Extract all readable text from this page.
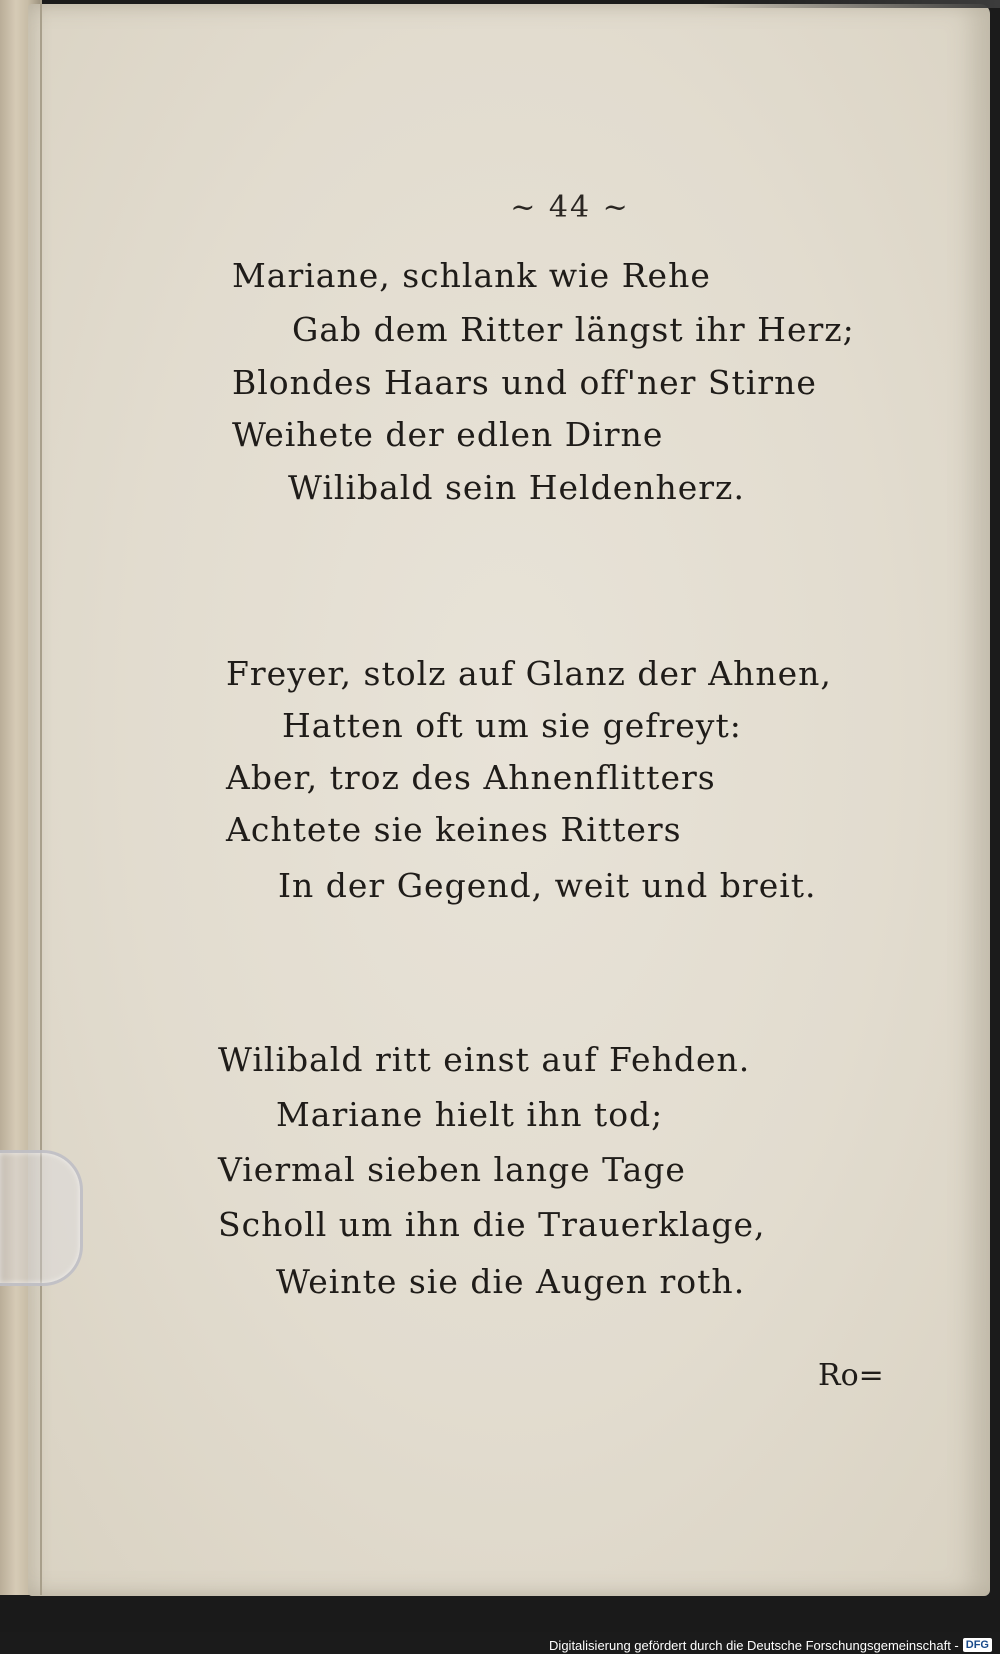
~ 44 ~
Mariane, schlank wie Rehe
Gab dem Ritter längst ihr Herz;
Blondes Haars und off'ner Stirne
Weihete der edlen Dirne
Wilibald sein Heldenherz.
Freyer, stolz auf Glanz der Ahnen,
Hatten oft um sie gefreyt:
Aber, troz des Ahnenflitters
Achtete sie keines Ritters
In der Gegend, weit und breit.
Wilibald ritt einst auf Fehden.
Mariane hielt ihn tod;
Viermal sieben lange Tage
Scholl um ihn die Trauerklage,
Weinte sie die Augen roth.
Ro=
Digitalisierung gefördert durch die Deutsche Forschungsgemeinschaft - DFG
